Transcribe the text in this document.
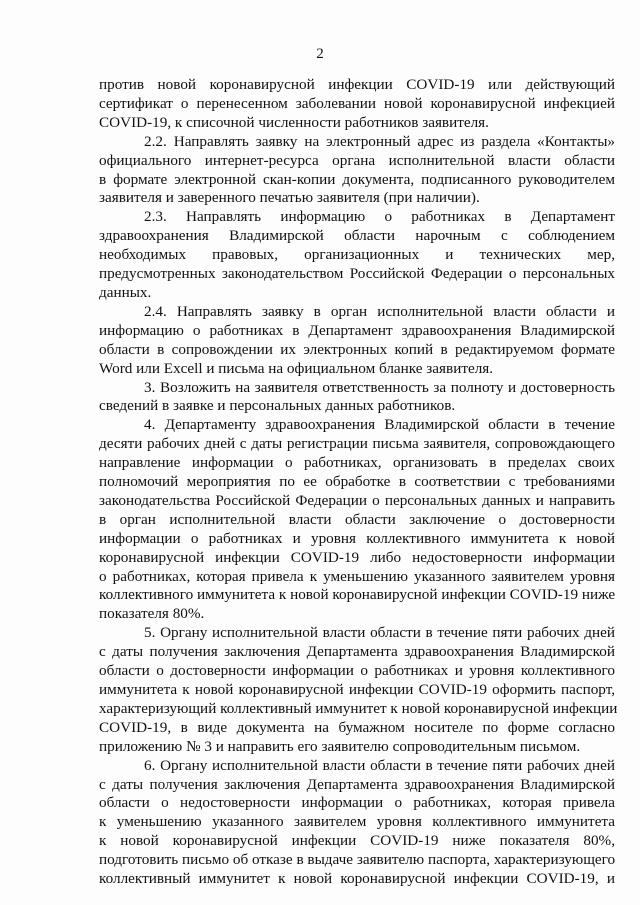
2
против новой коронавирусной инфекции COVID-19 или действующий
сертификат о перенесенном заболевании новой коронавирусной инфекцией
COVID-19, к списочной численности работников заявителя.
2.2. Направлять заявку на электронный адрес из раздела «Контакты»
официального интернет-ресурса органа исполнительной власти области
в формате электронной скан-копии документа, подписанного руководителем
заявителя и заверенного печатью заявителя (при наличии).
2.3. Направлять информацию о работниках в Департамент
здравоохранения Владимирской области нарочным с соблюдением
необходимых правовых, организационных и технических мер,
предусмотренных законодательством Российской Федерации о персональных
данных.
2.4. Направлять заявку в орган исполнительной власти области и
информацию о работниках в Департамент здравоохранения Владимирской
области в сопровождении их электронных копий в редактируемом формате
Word или Excell и письма на официальном бланке заявителя.
3. Возложить на заявителя ответственность за полноту и достоверность
сведений в заявке и персональных данных работников.
4. Департаменту здравоохранения Владимирской области в течение
десяти рабочих дней с даты регистрации письма заявителя, сопровождающего
направление информации о работниках, организовать в пределах своих
полномочий мероприятия по ее обработке в соответствии с требованиями
законодательства Российской Федерации о персональных данных и направить
в орган исполнительной власти области заключение о достоверности
информации о работниках и уровня коллективного иммунитета к новой
коронавирусной инфекции COVID-19 либо недостоверности информации
о работниках, которая привела к уменьшению указанного заявителем уровня
коллективного иммунитета к новой коронавирусной инфекции COVID-19 ниже
показателя 80%.
5. Органу исполнительной власти области в течение пяти рабочих дней
с даты получения заключения Департамента здравоохранения Владимирской
области о достоверности информации о работниках и уровня коллективного
иммунитета к новой коронавирусной инфекции COVID-19 оформить паспорт,
характеризующий коллективный иммунитет к новой коронавирусной инфекции
COVID-19, в виде документа на бумажном носителе по форме согласно
приложению № 3 и направить его заявителю сопроводительным письмом.
6. Органу исполнительной власти области в течение пяти рабочих дней
с даты получения заключения Департамента здравоохранения Владимирской
области о недостоверности информации о работниках, которая привела
к уменьшению указанного заявителем уровня коллективного иммунитета
к новой коронавирусной инфекции COVID-19 ниже показателя 80%,
подготовить письмо об отказе в выдаче заявителю паспорта, характеризующего
коллективный иммунитет к новой коронавирусной инфекции COVID-19, и
